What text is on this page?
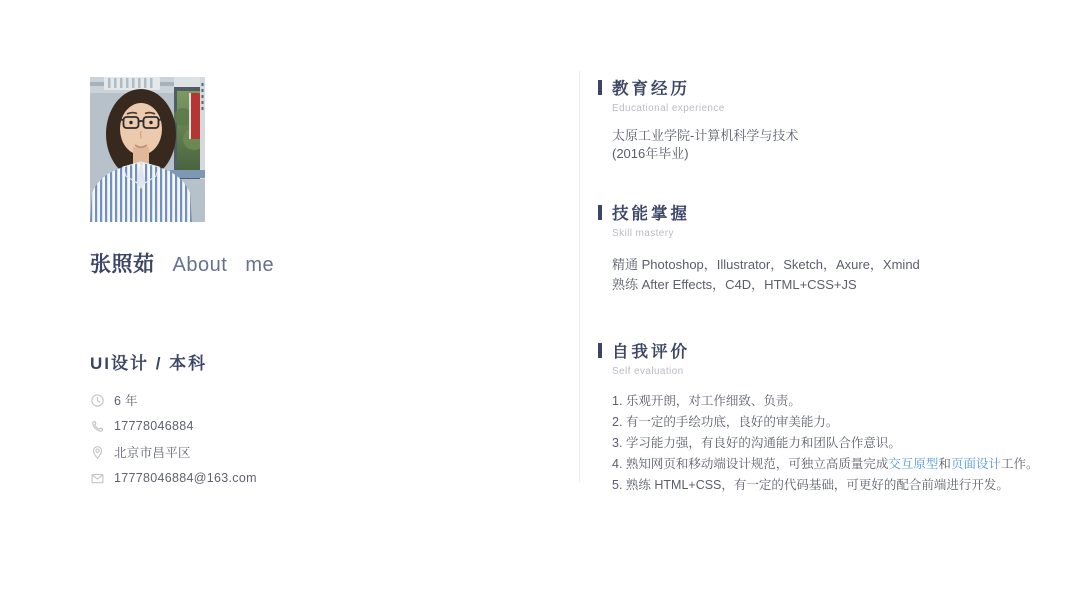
张照茹 About me
UI设计 / 本科
6 年
17778046884
北京市昌平区
17778046884@163.com
教育经历
Educational experience
太原工业学院-计算机科学与技术
(2016年毕业)
技能掌握
Skill mastery
精通 Photoshop，Illustrator，Sketch，Axure，Xmind
熟练 After Effects，C4D，HTML+CSS+JS
自我评价
Self evaluation
1. 乐观开朗，对工作细致、负责。
2. 有一定的手绘功底，良好的审美能力。
3. 学习能力强，有良好的沟通能力和团队合作意识。
4. 熟知网页和移动端设计规范，可独立高质量完成交互原型和页面设计工作。
5. 熟练 HTML+CSS，有一定的代码基础，可更好的配合前端进行开发。
